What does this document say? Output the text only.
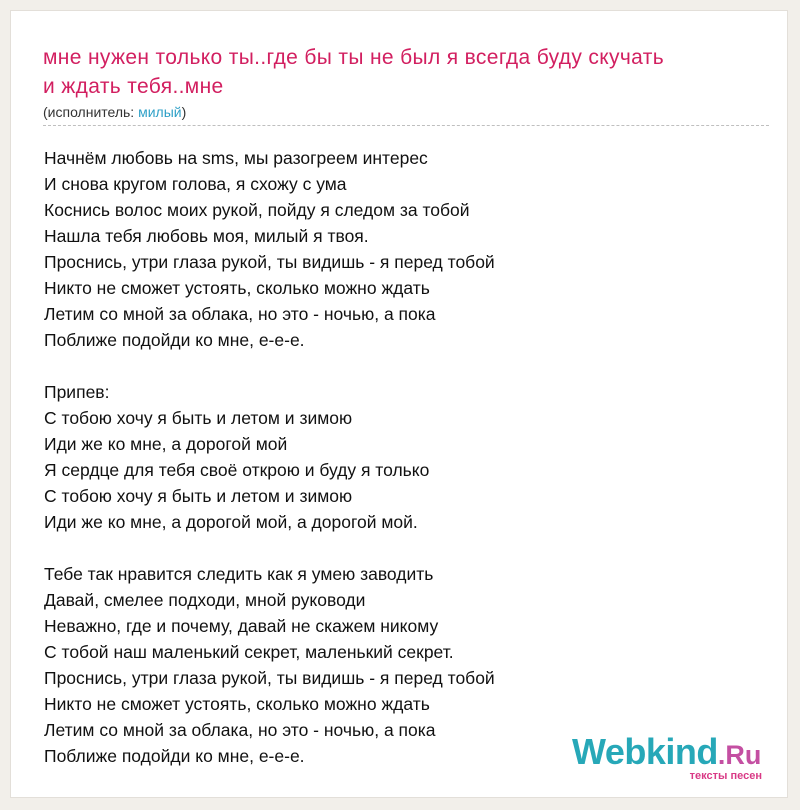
мне нужен только ты..где бы ты не был я всегда буду скучать
и ждать тебя..мне

(исполнитель: милый)

Начнём любовь на sms, мы разогреем интерес
И снова кругом голова, я схожу с ума
Коснись волос моих рукой, пойду я следом за тобой
Нашла тебя любовь моя, милый я твоя.
Проснись, утри глаза рукой, ты видишь - я перед тобой
Никто не сможет устоять, сколько можно ждать
Летим со мной за облака, но это - ночью, а пока
Поближе подойди ко мне, е-е-е.
Припев:
С тобою хочу я быть и летом и зимою
Иди же ко мне, а дорогой мой
Я сердце для тебя своё открою и буду я только
С тобою хочу я быть и летом и зимою
Иди же ко мне, а дорогой мой, а дорогой мой.
Тебе так нравится следить как я умею заводить
Давай, смелее подходи, мной руководи
Неважно, где и почему, давай не скажем никому
С тобой наш маленький секрет, маленький секрет.
Проснись, утри глаза рукой, ты видишь - я перед тобой
Никто не сможет устоять, сколько можно ждать
Летим со мной за облака, но это - ночью, а пока
Поближе подойди ко мне, е-е-е.	Webkind.Ru
тексты песен
